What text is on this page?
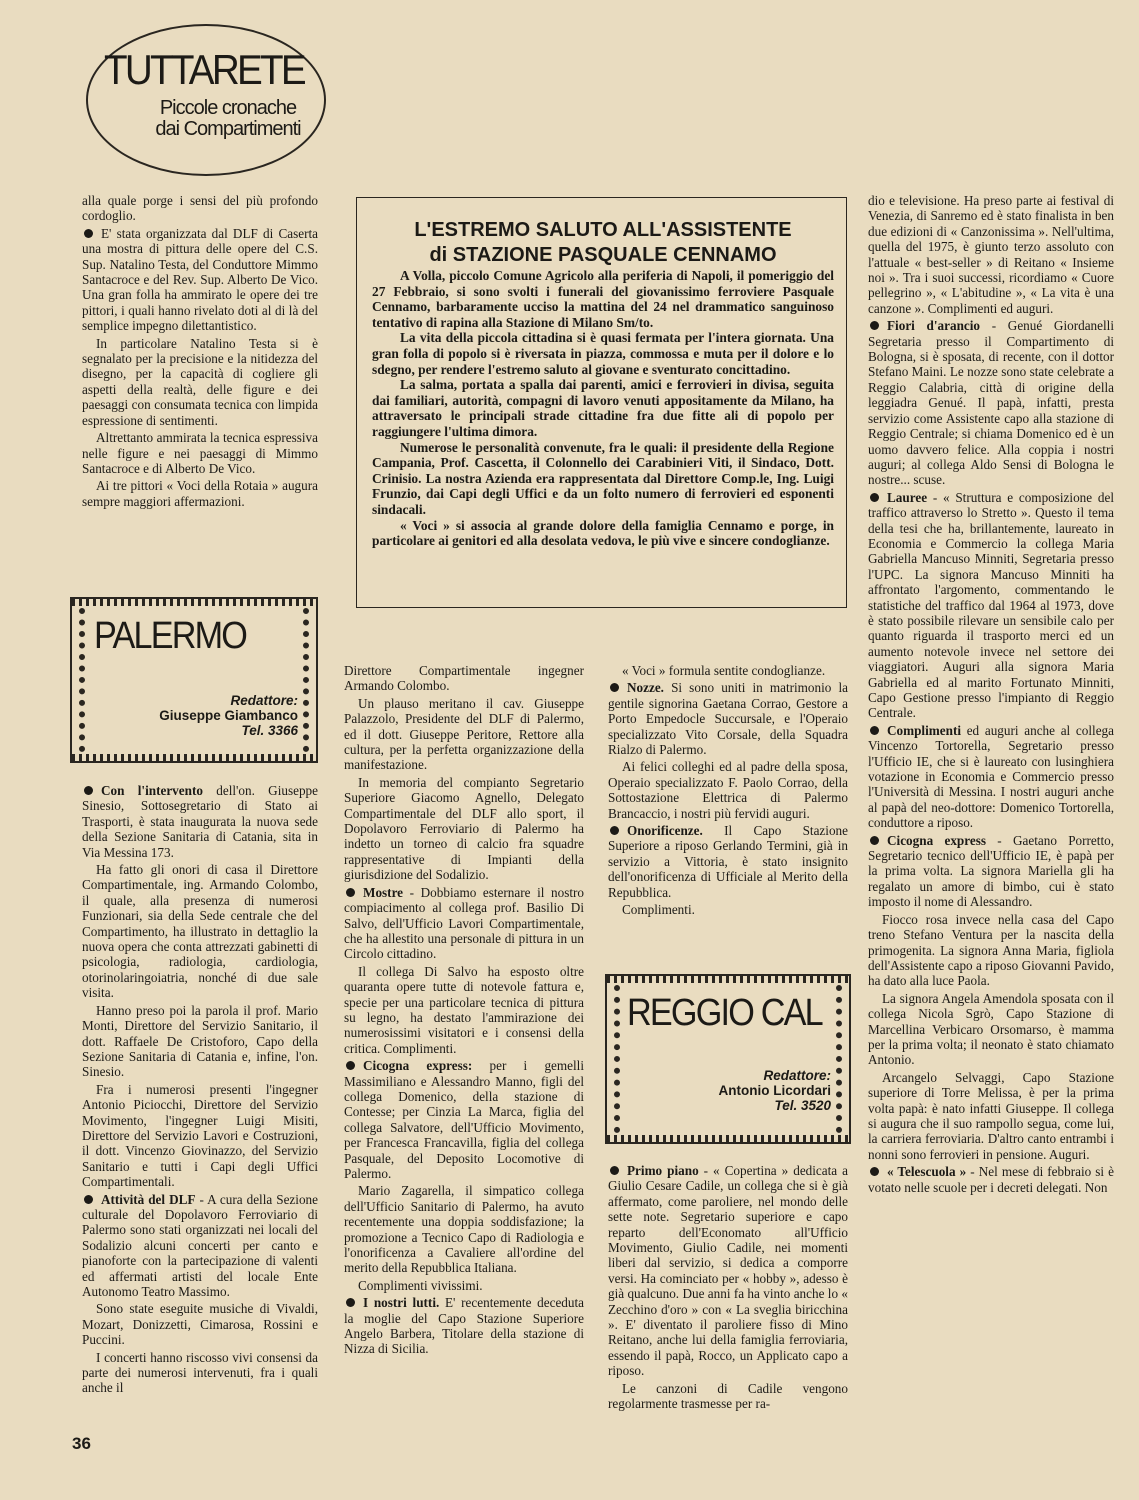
TUTTARETE
Piccole cronache
dai Compartimenti

alla quale porge i sensi del più profondo cordoglio.

E' stata organizzata dal DLF di Caserta una mostra di pittura delle opere del C.S. Sup. Natalino Testa, del Conduttore Mimmo Santacroce e del Rev. Sup. Alberto De Vico. Una gran folla ha ammirato le opere dei tre pittori, i quali hanno rivelato doti al di là del semplice impegno dilettantistico.

In particolare Natalino Testa si è segnalato per la precisione e la nitidezza del disegno, per la capacità di cogliere gli aspetti della realtà, delle figure e dei paesaggi con consumata tecnica con limpida espressione di sentimenti.

Altrettanto ammirata la tecnica espressiva nelle figure e nei paesaggi di Mimmo Santacroce e di Alberto De Vico.

Ai tre pittori « Voci della Rotaia » augura sempre maggiori affermazioni.

L'ESTREMO SALUTO ALL'ASSISTENTE
di STAZIONE PASQUALE CENNAMO

A Volla, piccolo Comune Agricolo alla periferia di Napoli, il pomeriggio del 27 Febbraio, si sono svolti i funerali del giovanissimo ferroviere Pasquale Cennamo, barbaramente ucciso la mattina del 24 nel drammatico sanguinoso tentativo di rapina alla Stazione di Milano Sm/to.

La vita della piccola cittadina si è quasi fermata per l'intera giornata. Una gran folla di popolo si è riversata in piazza, commossa e muta per il dolore e lo sdegno, per rendere l'estremo saluto al giovane e sventurato concittadino.

La salma, portata a spalla dai parenti, amici e ferrovieri in divisa, seguita dai familiari, autorità, compagni di lavoro venuti appositamente da Milano, ha attraversato le principali strade cittadine fra due fitte ali di popolo per raggiungere l'ultima dimora.

Numerose le personalità convenute, fra le quali: il presidente della Regione Campania, Prof. Cascetta, il Colonnello dei Carabinieri Viti, il Sindaco, Dott. Crinisio. La nostra Azienda era rappresentata dal Direttore Comp.le, Ing. Luigi Frunzio, dai Capi degli Uffici e da un folto numero di ferrovieri ed esponenti sindacali.

« Voci » si associa al grande dolore della famiglia Cennamo e porge, in particolare ai genitori ed alla desolata vedova, le più vive e sincere condoglianze.

PALERMO
Redattore:
Giuseppe Giambanco
Tel. 3366

Con l'intervento dell'on. Giuseppe Sinesio, Sottosegretario di Stato ai Trasporti, è stata inaugurata la nuova sede della Sezione Sanitaria di Catania, sita in Via Messina 173.

Ha fatto gli onori di casa il Direttore Compartimentale, ing. Armando Colombo, il quale, alla presenza di numerosi Funzionari, sia della Sede centrale che del Compartimento, ha illustrato in dettaglio la nuova opera che conta attrezzati gabinetti di psicologia, radiologia, cardiologia, otorinolaringoiatria, nonché di due sale visita.

Hanno preso poi la parola il prof. Mario Monti, Direttore del Servizio Sanitario, il dott. Raffaele De Cristoforo, Capo della Sezione Sanitaria di Catania e, infine, l'on. Sinesio.

Fra i numerosi presenti l'ingegner Antonio Piciocchi, Direttore del Servizio Movimento, l'ingegner Luigi Misiti, Direttore del Servizio Lavori e Costruzioni, il dott. Vincenzo Giovinazzo, del Servizio Sanitario e tutti i Capi degli Uffici Compartimentali.

Attività del DLF - A cura della Sezione culturale del Dopolavoro Ferroviario di Palermo sono stati organizzati nei locali del Sodalizio alcuni concerti per canto e pianoforte con la partecipazione di valenti ed affermati artisti del locale Ente Autonomo Teatro Massimo.

Sono state eseguite musiche di Vivaldi, Mozart, Donizzetti, Cimarosa, Rossini e Puccini.

I concerti hanno riscosso vivi consensi da parte dei numerosi intervenuti, fra i quali anche il

Direttore Compartimentale ingegner Armando Colombo.

Un plauso meritano il cav. Giuseppe Palazzolo, Presidente del DLF di Palermo, ed il dott. Giuseppe Peritore, Rettore alla cultura, per la perfetta organizzazione della manifestazione.

In memoria del compianto Segretario Superiore Giacomo Agnello, Delegato Compartimentale del DLF allo sport, il Dopolavoro Ferroviario di Palermo ha indetto un torneo di calcio fra squadre rappresentative di Impianti della giurisdizione del Sodalizio.

Mostre - Dobbiamo esternare il nostro compiacimento al collega prof. Basilio Di Salvo, dell'Ufficio Lavori Compartimentale, che ha allestito una personale di pittura in un Circolo cittadino.

Il collega Di Salvo ha esposto oltre quaranta opere tutte di notevole fattura e, specie per una particolare tecnica di pittura su legno, ha destato l'ammirazione dei numerosissimi visitatori e i consensi della critica. Complimenti.

Cicogna express: per i gemelli Massimiliano e Alessandro Manno, figli del collega Domenico, della stazione di Contesse; per Cinzia La Marca, figlia del collega Salvatore, dell'Ufficio Movimento, per Francesca Francavilla, figlia del collega Pasquale, del Deposito Locomotive di Palermo.

Mario Zagarella, il simpatico collega dell'Ufficio Sanitario di Palermo, ha avuto recentemente una doppia soddisfazione; la promozione a Tecnico Capo di Radiologia e l'onorificenza a Cavaliere all'ordine del merito della Repubblica Italiana.

Complimenti vivissimi.

I nostri lutti. E' recentemente deceduta la moglie del Capo Stazione Superiore Angelo Barbera, Titolare della stazione di Nizza di Sicilia.

« Voci » formula sentite condoglianze.

Nozze. Si sono uniti in matrimonio la gentile signorina Gaetana Corrao, Gestore a Porto Empedocle Succursale, e l'Operaio specializzato Vito Corsale, della Squadra Rialzo di Palermo.

Ai felici colleghi ed al padre della sposa, Operaio specializzato F. Paolo Corrao, della Sottostazione Elettrica di Palermo Brancaccio, i nostri più fervidi auguri.

Onorificenze. Il Capo Stazione Superiore a riposo Gerlando Termini, già in servizio a Vittoria, è stato insignito dell'onorificenza di Ufficiale al Merito della Repubblica.

Complimenti.

REGGIO CAL
Redattore:
Antonio Licordari
Tel. 3520

Primo piano - « Copertina » dedicata a Giulio Cesare Cadile, un collega che si è già affermato, come paroliere, nel mondo delle sette note. Segretario superiore e capo reparto dell'Economato all'Ufficio Movimento, Giulio Cadile, nei momenti liberi dal servizio, si dedica a comporre versi. Ha cominciato per « hobby », adesso è già qualcuno. Due anni fa ha vinto anche lo « Zecchino d'oro » con « La sveglia biricchina ». E' diventato il paroliere fisso di Mino Reitano, anche lui della famiglia ferroviaria, essendo il papà, Rocco, un Applicato capo a riposo.

Le canzoni di Cadile vengono regolarmente trasmesse per ra-

dio e televisione. Ha preso parte ai festival di Venezia, di Sanremo ed è stato finalista in ben due edizioni di « Canzonissima ». Nell'ultima, quella del 1975, è giunto terzo assoluto con l'attuale « best-seller » di Reitano « Insieme noi ». Tra i suoi successi, ricordiamo « Cuore pellegrino », « L'abitudine », « La vita è una canzone ». Complimenti ed auguri.

Fiori d'arancio - Genué Giordanelli Segretaria presso il Compartimento di Bologna, si è sposata, di recente, con il dottor Stefano Maini. Le nozze sono state celebrate a Reggio Calabria, città di origine della leggiadra Genué. Il papà, infatti, presta servizio come Assistente capo alla stazione di Reggio Centrale; si chiama Domenico ed è un uomo davvero felice. Alla coppia i nostri auguri; al collega Aldo Sensi di Bologna le nostre... scuse.

Lauree - « Struttura e composizione del traffico attraverso lo Stretto ». Questo il tema della tesi che ha, brillantemente, laureato in Economia e Commercio la collega Maria Gabriella Mancuso Minniti, Segretaria presso l'UPC. La signora Mancuso Minniti ha affrontato l'argomento, commentando le statistiche del traffico dal 1964 al 1973, dove è stato possibile rilevare un sensibile calo per quanto riguarda il trasporto merci ed un aumento notevole invece nel settore dei viaggiatori. Auguri alla signora Maria Gabriella ed al marito Fortunato Minniti, Capo Gestione presso l'impianto di Reggio Centrale.

Complimenti ed auguri anche al collega Vincenzo Tortorella, Segretario presso l'Ufficio IE, che si è laureato con lusinghiera votazione in Economia e Commercio presso l'Università di Messina. I nostri auguri anche al papà del neo-dottore: Domenico Tortorella, conduttore a riposo.

Cicogna express - Gaetano Porretto, Segretario tecnico dell'Ufficio IE, è papà per la prima volta. La signora Mariella gli ha regalato un amore di bimbo, cui è stato imposto il nome di Alessandro.

Fiocco rosa invece nella casa del Capo treno Stefano Ventura per la nascita della primogenita. La signora Anna Maria, figliola dell'Assistente capo a riposo Giovanni Pavido, ha dato alla luce Paola.

La signora Angela Amendola sposata con il collega Nicola Sgrò, Capo Stazione di Marcellina Verbicaro Orsomarso, è mamma per la prima volta; il neonato è stato chiamato Antonio.

Arcangelo Selvaggi, Capo Stazione superiore di Torre Melissa, è per la prima volta papà: è nato infatti Giuseppe. Il collega si augura che il suo rampollo segua, come lui, la carriera ferroviaria. D'altro canto entrambi i nonni sono ferrovieri in pensione. Auguri.

« Telescuola » - Nel mese di febbraio si è votato nelle scuole per i decreti delegati. Non

36
